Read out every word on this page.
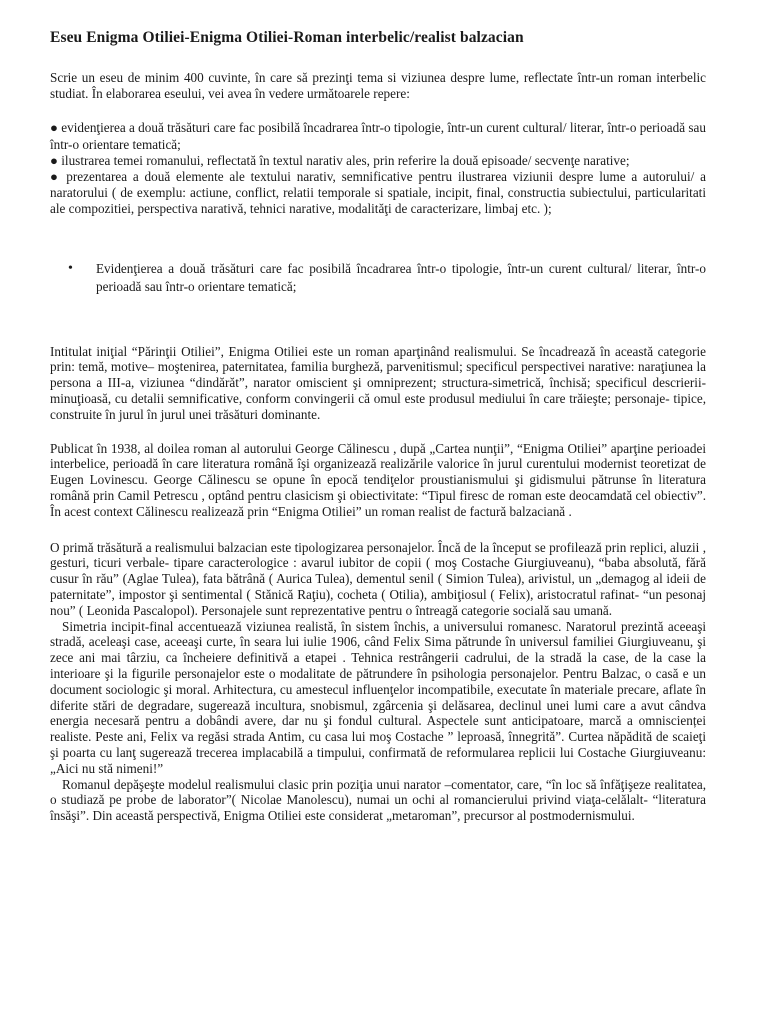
Eseu Enigma Otiliei-Enigma Otiliei-Roman interbelic/realist balzacian

Scrie un eseu de minim 400 cuvinte, în care să prezinţi tema si viziunea despre lume, reflectate într-un roman interbelic studiat. În elaborarea eseului, vei avea în vedere următoarele repere:

● evidenţierea a două trăsături care fac posibilă încadrarea într-o tipologie, într-un curent cultural/ literar, într-o perioadă sau într-o orientare tematică;

● ilustrarea temei romanului, reflectată în textul narativ ales, prin referire la două episoade/ secvenţe narative;

● prezentarea a două elemente ale textului narativ, semnificative pentru ilustrarea viziunii despre lume a autorului/ a naratorului ( de exemplu: actiune, conflict, relatii temporale si spatiale, incipit, final, constructia subiectului, particularitati ale compozitiei, perspectiva narativă, tehnici narative, modalităţi de caracterizare, limbaj etc. );

•	Evidenţierea a două trăsături care fac posibilă încadrarea într-o tipologie, într-un curent cultural/ literar, într-o perioadă sau într-o orientare tematică;

Intitulat iniţial “Părinţii Otiliei”, Enigma Otiliei este un roman aparţinând realismului. Se încadrează în această categorie prin: temă, motive– moştenirea, paternitatea, familia burgheză, parvenitismul; specificul perspectivei narative: naraţiunea la persona a III-a, viziunea “dindărăt”, narator omiscient şi omniprezent; structura-simetrică, închisă; specificul descrierii-minuţioasă, cu detalii semnificative, conform convingerii că omul este produsul mediului în care trăieşte; personaje- tipice, construite în jurul în jurul unei trăsături dominante.

Publicat în 1938, al doilea roman al autorului George Călinescu , după „Cartea nunţii”, “Enigma Otiliei” aparţine perioadei interbelice, perioadă în care literatura română îşi organizează realizările valorice în jurul curentului modernist teoretizat de Eugen Lovinescu. George Călinescu se opune în epocă tendiţelor proustianismului şi gidismului pătrunse în literatura română prin Camil Petrescu , optând pentru clasicism şi obiectivitate: “Tipul firesc de roman este deocamdată cel obiectiv”. În acest context Călinescu realizează prin “Enigma Otiliei” un roman realist de factură balzaciană .

O primă trăsătură a realismului balzacian este tipologizarea personajelor. Încă de la început se profilează prin replici, aluzii , gesturi, ticuri verbale- tipare caracterologice : avarul iubitor de copii ( moş Costache Giurgiuveanu), “baba absolută, fără cusur în rău” (Aglae Tulea), fata bătrână ( Aurica Tulea), dementul senil ( Simion Tulea), arivistul, un „demagog al ideii de paternitate”, impostor şi sentimental ( Stănică Raţiu), cocheta ( Otilia), ambiţiosul ( Felix), aristocratul rafinat- “un pesonaj nou” ( Leonida Pascalopol). Personajele sunt reprezentative pentru o întreagă categorie socială sau umană.

Simetria incipit-final accentuează viziunea realistă, în sistem închis, a universului romanesc. Naratorul prezintă aceeaşi stradă, aceleaşi case, aceeaşi curte, în seara lui iulie 1906, când Felix Sima pătrunde în universul familiei Giurgiuveanu, şi zece ani mai târziu, ca încheiere definitivă a etapei . Tehnica restrângerii cadrului, de la stradă la case, de la case la interioare şi la figurile personajelor este o modalitate de pătrundere în psihologia personajelor. Pentru Balzac, o casă e un document sociologic şi moral. Arhitectura, cu amestecul influenţelor incompatibile, executate în materiale precare, aflate în diferite stări de degradare, sugerează incultura, snobismul, zgârcenia şi delăsarea, declinul unei lumi care a avut cândva energia necesară pentru a dobândi avere, dar nu şi fondul cultural. Aspectele sunt anticipatoare, marcă a omnisciențeі realiste. Peste ani, Felix va regăsi strada Antim, cu casa lui moş Costache ” leproasă, înnegrită”. Curtea năpădită de scaieţi şi poarta cu lanţ sugerează trecerea implacabilă a timpului, confirmată de reformularea replicii lui Costache Giurgiuveanu: „Aici nu stă nimeni!”

Romanul depăşeşte modelul realismului clasic prin poziţia unui narator –comentator, care, “în loc să înfăţişeze realitatea, o studiază pe probe de laborator”( Nicolae Manolescu), numai un ochi al romancierului privind viaţa-celălalt- “literatura însăşi”. Din această perspectivă, Enigma Otiliei este considerat „metaroman”, precursor al postmodernismului.
